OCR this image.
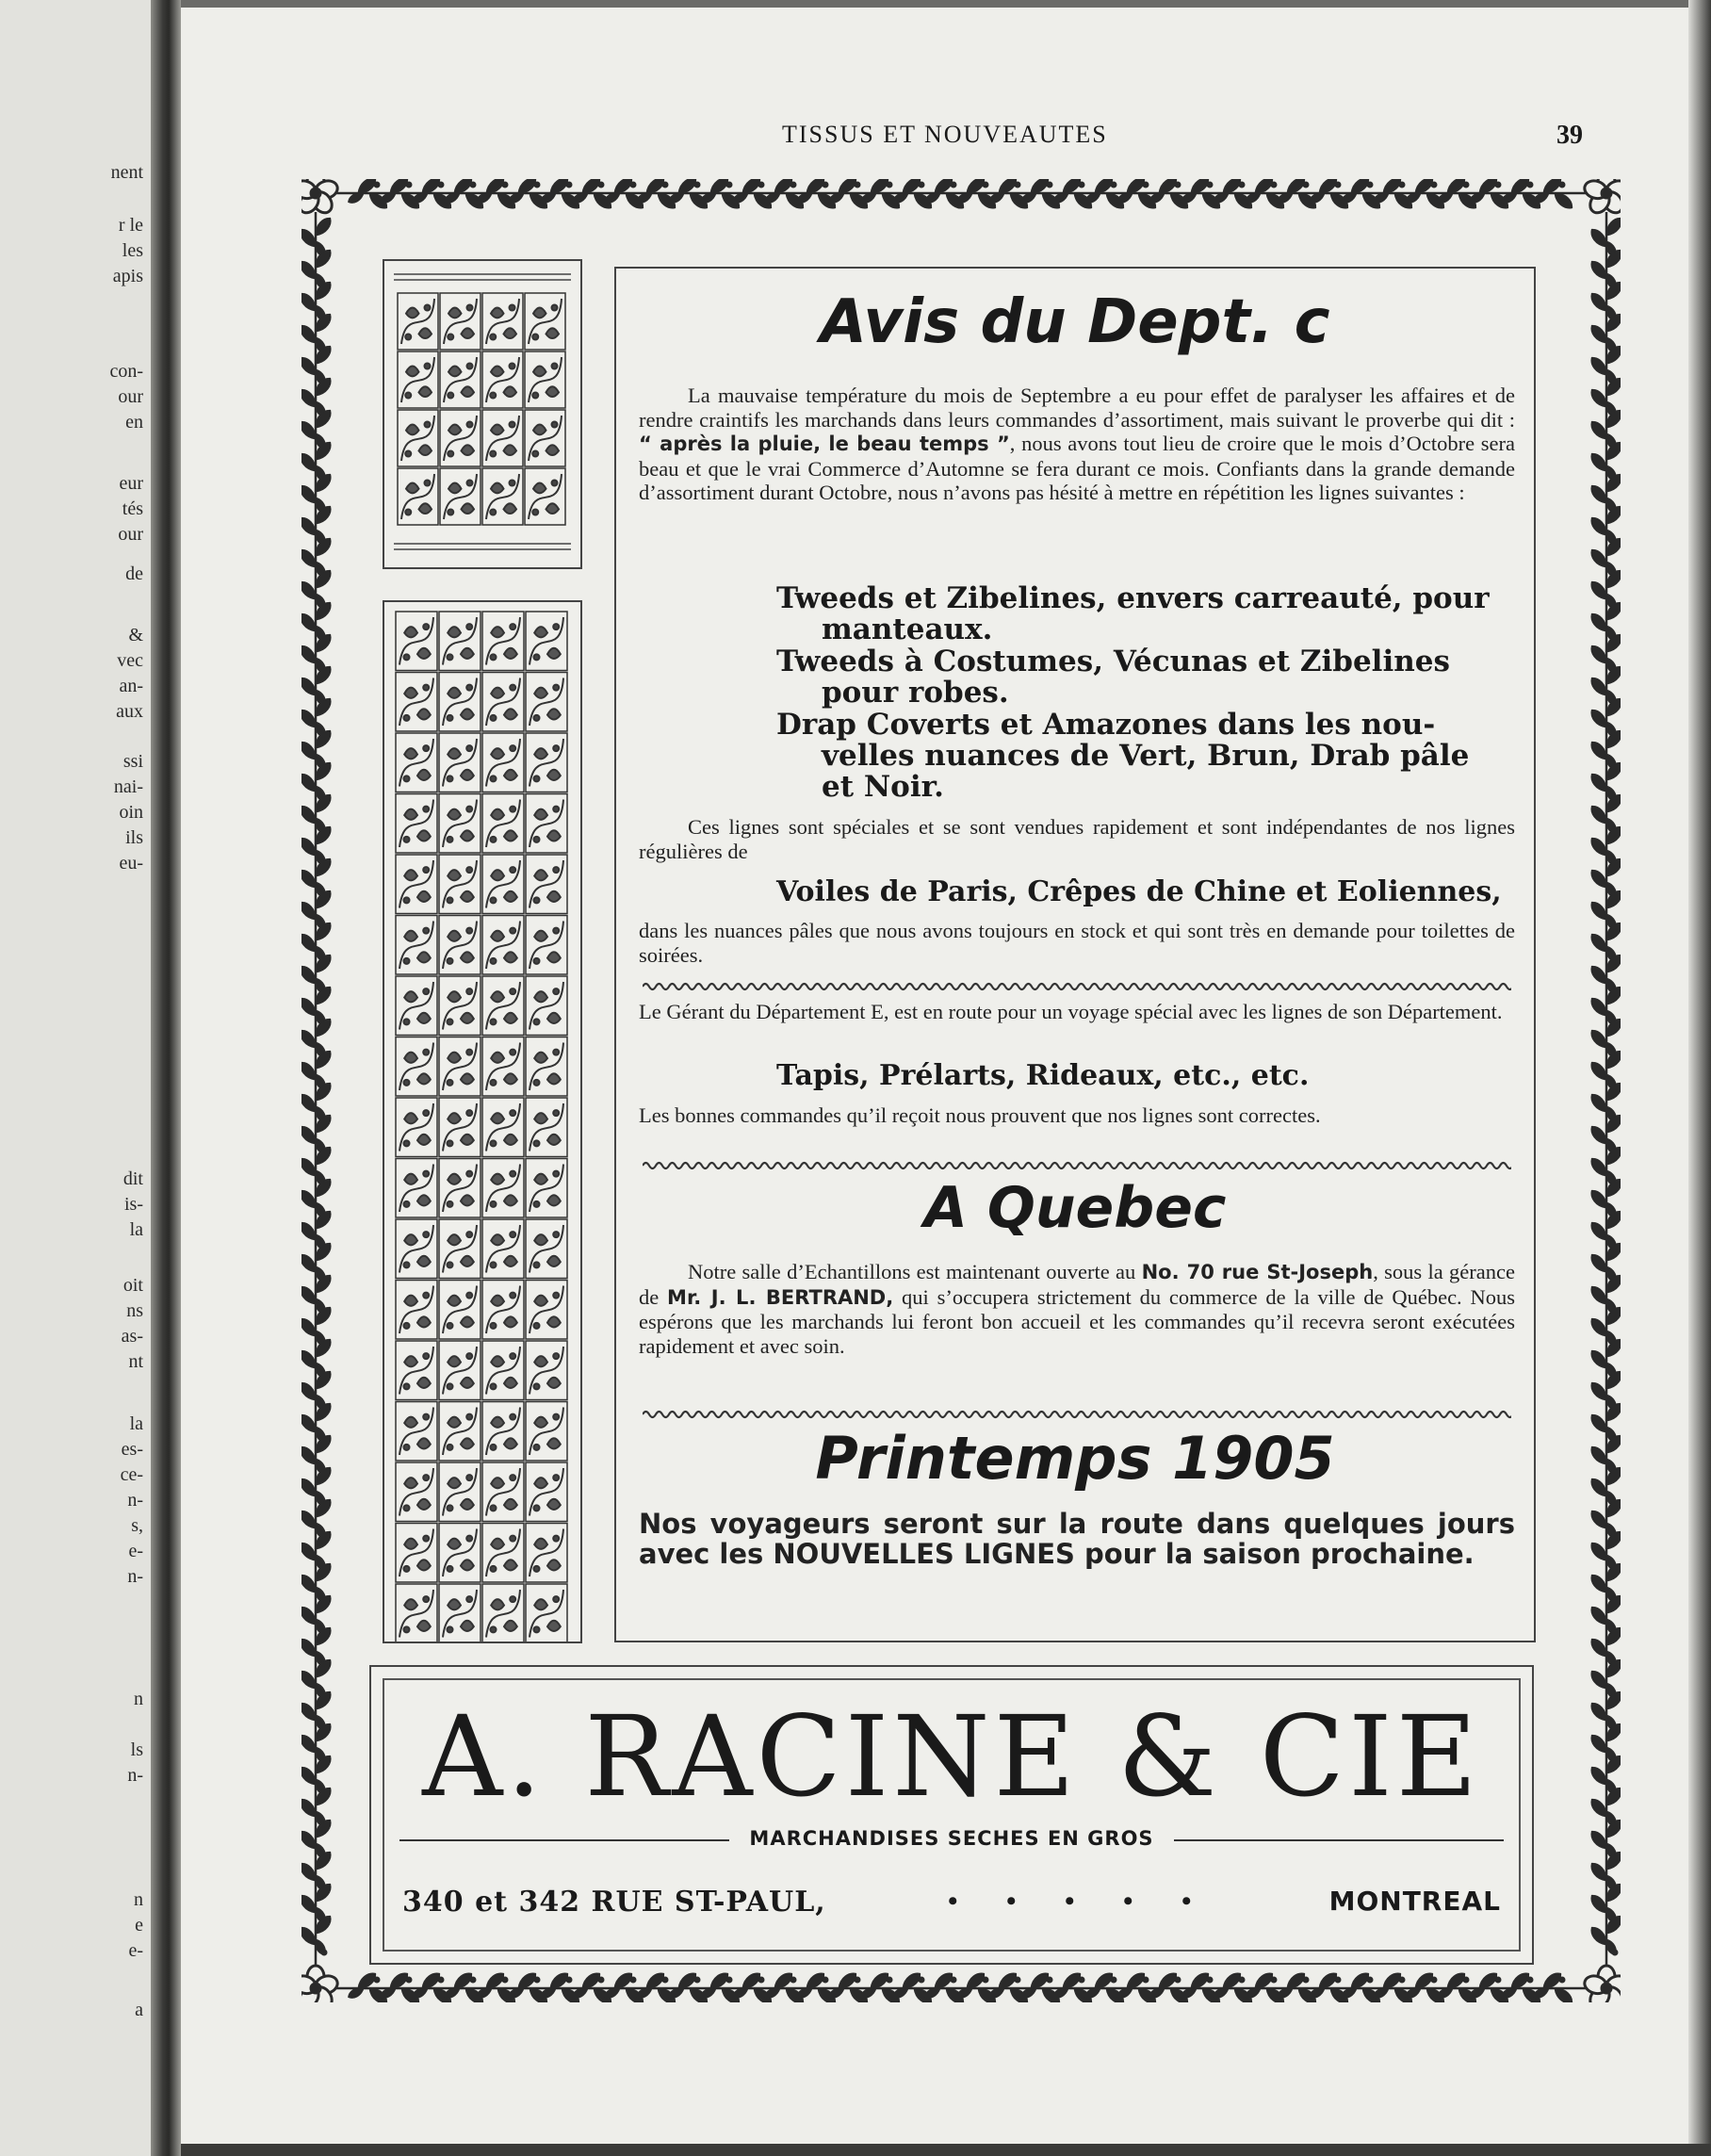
nent
r le
les
apis
con-
our
en
eur
tés
our
de
&
vec
an-
aux
ssi
nai-
oin
ils
eu-
dit
is-
la
oit
ns
as-
nt
la
es-
ce-
n-
s,
e-
n-
n
ls
n-
n
e
e-
a
TISSUS ET NOUVEAUTES	39
Avis du Dept. c
La mauvaise température du mois de Septembre a eu pour effet de paralyser les affaires et de rendre craintifs les marchands dans leurs commandes d’assortiment, mais suivant le proverbe qui dit : “ après la pluie, le beau temps ”, nous avons tout lieu de croire que le mois d’Octobre sera beau et que le vrai Commerce d’Automne se fera durant ce mois. Confiants dans la grande demande d’assortiment durant Octobre, nous n’avons pas hésité à mettre en répétition les lignes suivantes :
Tweeds et Zibelines, envers carreauté, pour
manteaux.
Tweeds à Costumes, Vécunas et Zibelines
pour robes.
Drap Coverts et Amazones dans les nou-
velles nuances de Vert, Brun, Drab pâle
et Noir.
Ces lignes sont spéciales et se sont vendues rapidement et sont indépendantes de nos lignes régulières de
Voiles de Paris, Crêpes de Chine et Eoliennes,
dans les nuances pâles que nous avons toujours en stock et qui sont très en demande pour toilettes de soirées.
Le Gérant du Département E, est en route pour un voyage spécial avec les lignes de son Département.
Tapis, Prélarts, Rideaux, etc., etc.
Les bonnes commandes qu’il reçoit nous prouvent que nos lignes sont correctes.
A Quebec
Notre salle d’Echantillons est maintenant ouverte au No. 70 rue St-Joseph, sous la gérance de Mr. J. L. BERTRAND, qui s’occupera strictement du commerce de la ville de Québec. Nous espérons que les marchands lui feront bon accueil et les commandes qu’il recevra seront exécutées rapidement et avec soin.
Printemps 1905
Nos voyageurs seront sur la route dans quelques jours avec les NOUVELLES LIGNES pour la saison prochaine.
A. RACINE & CIE
MARCHANDISES SECHES EN GROS
340 et 342 RUE ST-PAUL,	• • • • •	MONTREAL
